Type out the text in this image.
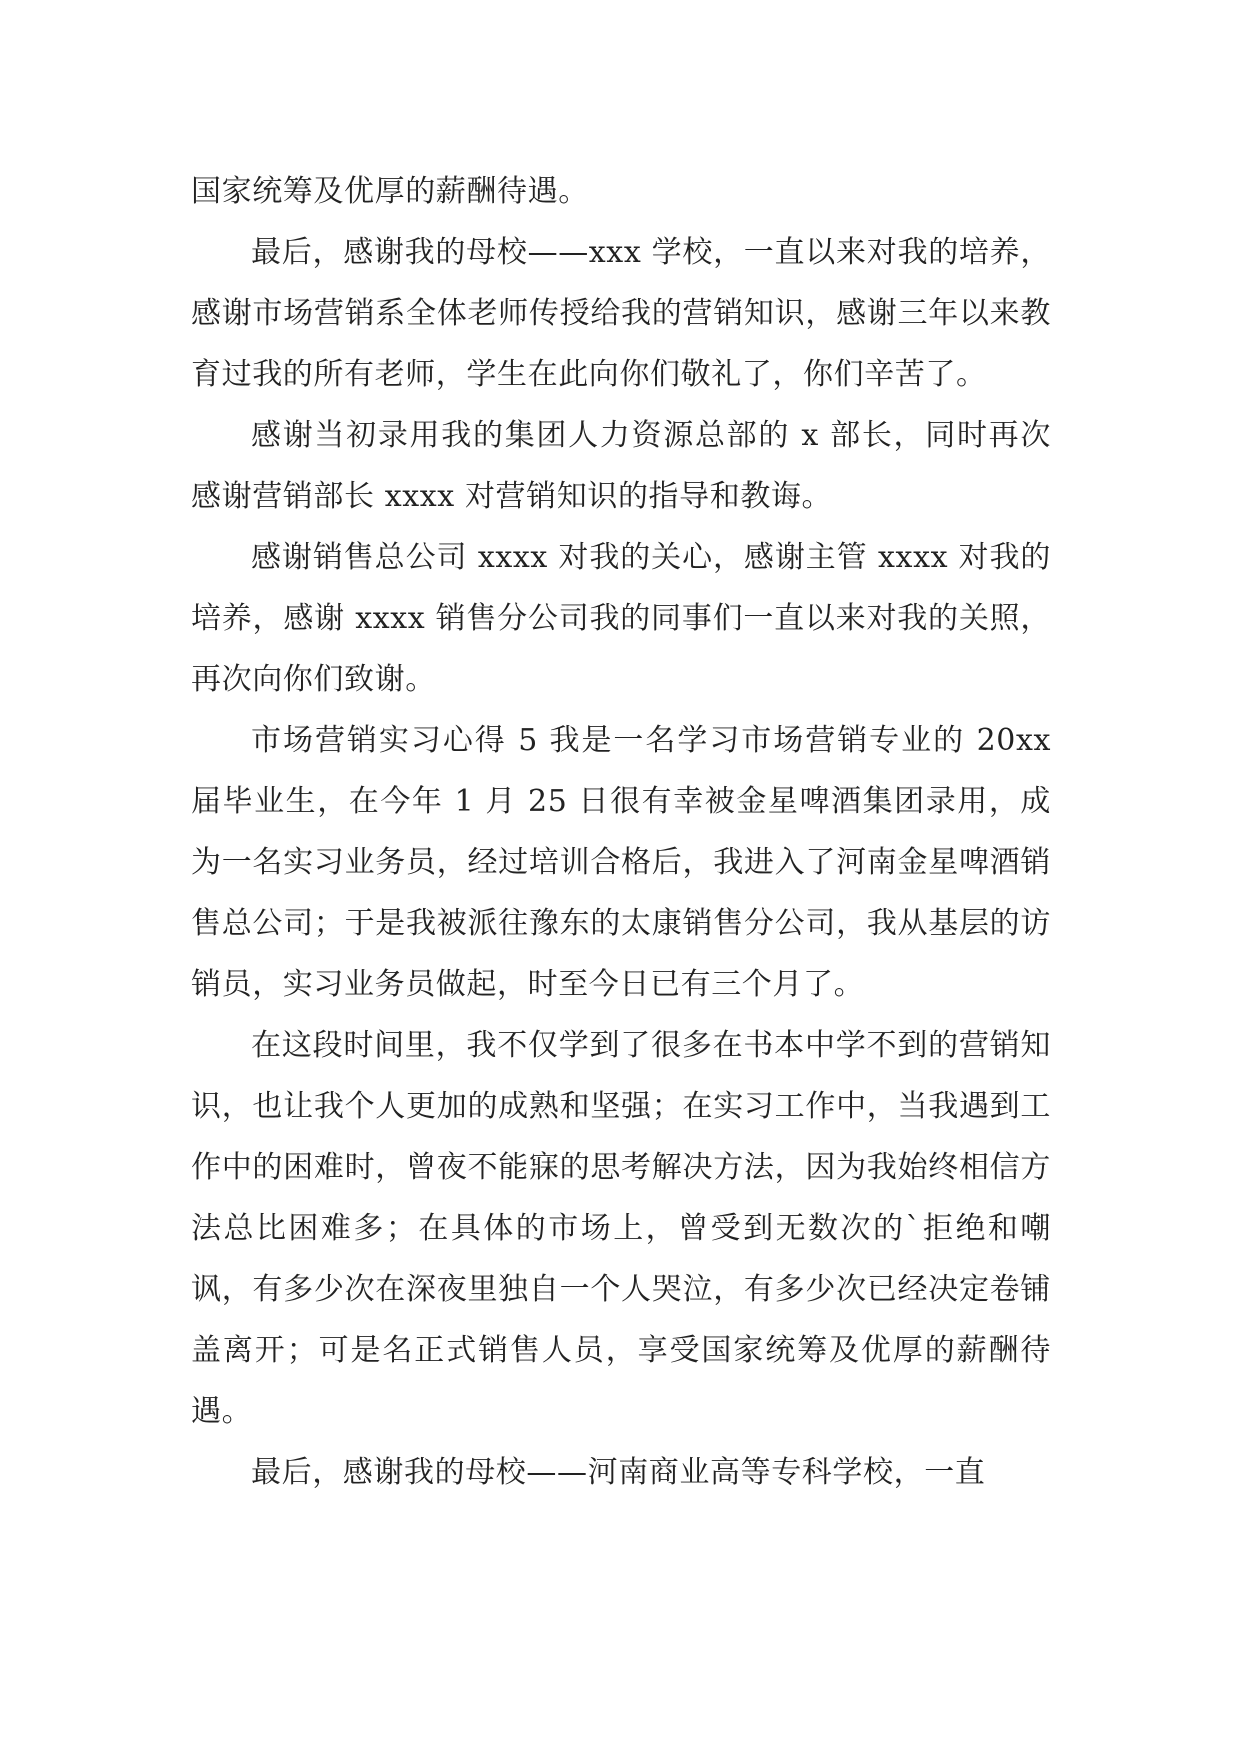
国家统筹及优厚的薪酬待遇。

最后，感谢我的母校——xxx 学校，一直以来对我的培养，感谢市场营销系全体老师传授给我的营销知识，感谢三年以来教育过我的所有老师，学生在此向你们敬礼了，你们辛苦了。

感谢当初录用我的集团人力资源总部的 x 部长，同时再次感谢营销部长 xxxx 对营销知识的指导和教诲。

感谢销售总公司 xxxx 对我的关心，感谢主管 xxxx 对我的培养，感谢 xxxx 销售分公司我的同事们一直以来对我的关照，再次向你们致谢。

市场营销实习心得 5 我是一名学习市场营销专业的 20xx 届毕业生，在今年 1 月 25 日很有幸被金星啤酒集团录用，成为一名实习业务员，经过培训合格后，我进入了河南金星啤酒销售总公司；于是我被派往豫东的太康销售分公司，我从基层的访销员，实习业务员做起，时至今日已有三个月了。

在这段时间里，我不仅学到了很多在书本中学不到的营销知识，也让我个人更加的成熟和坚强；在实习工作中，当我遇到工作中的困难时，曾夜不能寐的思考解决方法，因为我始终相信方法总比困难多；在具体的市场上，曾受到无数次的`拒绝和嘲讽，有多少次在深夜里独自一个人哭泣，有多少次已经决定卷铺盖离开；可是名正式销售人员，享受国家统筹及优厚的薪酬待遇。

最后，感谢我的母校——河南商业高等专科学校，一直
